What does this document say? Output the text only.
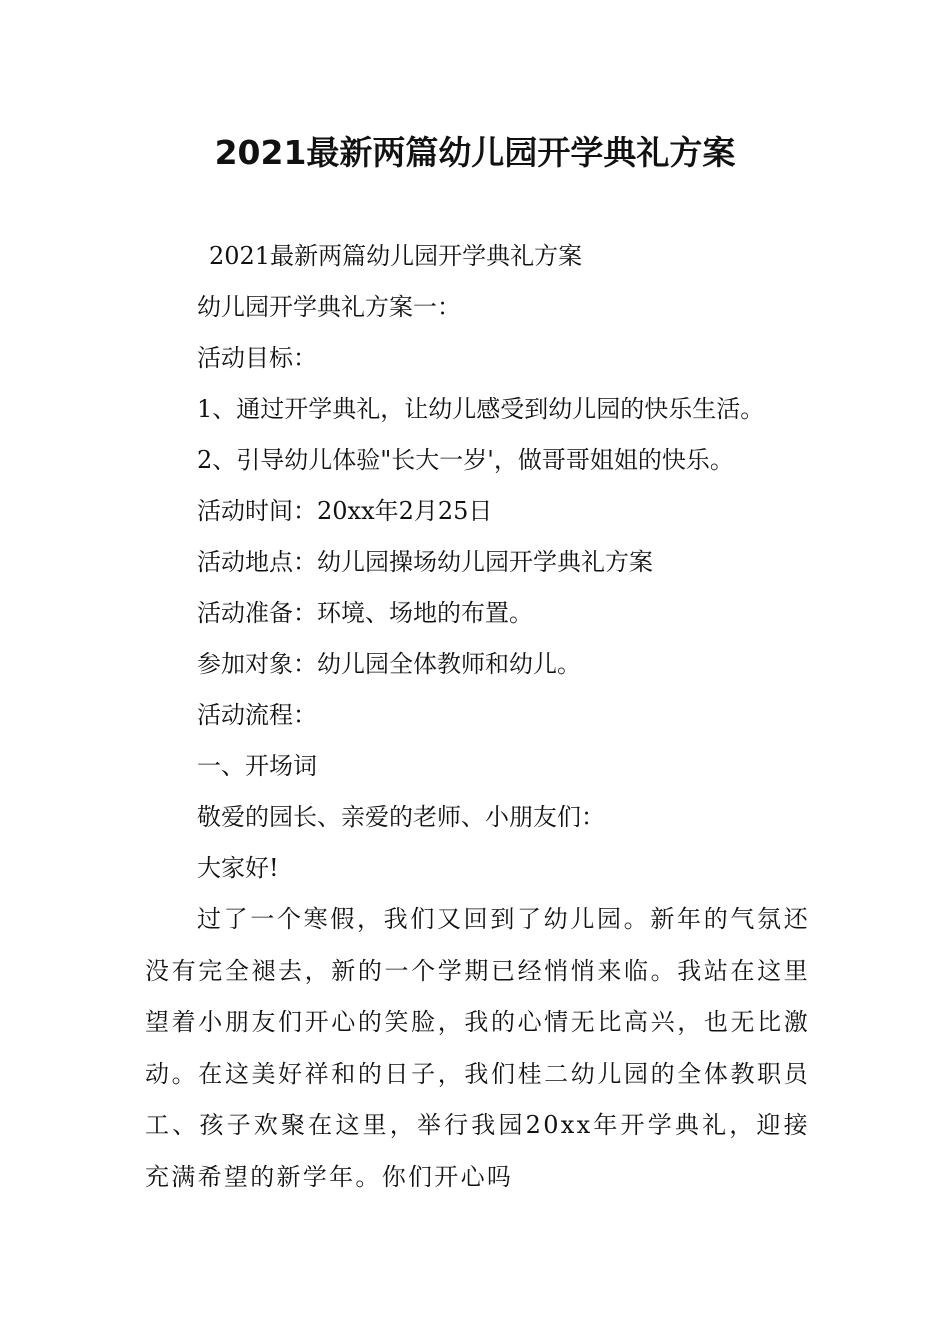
2021最新两篇幼儿园开学典礼方案

2021最新两篇幼儿园开学典礼方案

幼儿园开学典礼方案一：

活动目标：

1、通过开学典礼，让幼儿感受到幼儿园的快乐生活。

2、引导幼儿体验"长大一岁'，做哥哥姐姐的快乐。

活动时间：20xx年2月25日

活动地点：幼儿园操场幼儿园开学典礼方案

活动准备：环境、场地的布置。

参加对象：幼儿园全体教师和幼儿。

活动流程：

一、开场词

敬爱的园长、亲爱的老师、小朋友们：

大家好!

过了一个寒假，我们又回到了幼儿园。新年的气氛还没有完全褪去，新的一个学期已经悄悄来临。我站在这里望着小朋友们开心的笑脸，我的心情无比高兴，也无比激动。在这美好祥和的日子，我们桂二幼儿园的全体教职员工、孩子欢聚在这里，举行我园20xx年开学典礼，迎接充满希望的新学年。你们开心吗
